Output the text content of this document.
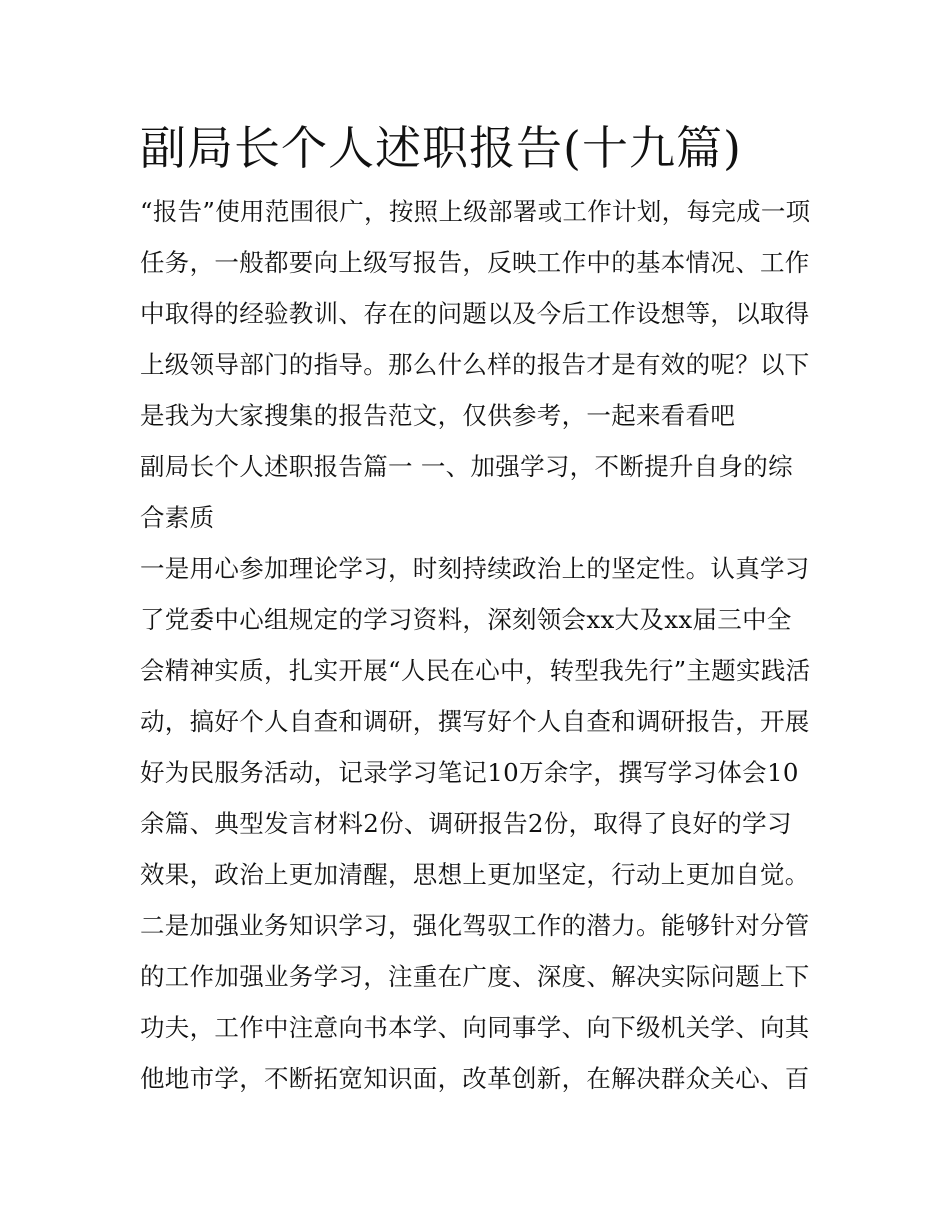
副局长个人述职报告(十九篇)
“报告”使用范围很广，按照上级部署或工作计划，每完成一项
任务，一般都要向上级写报告，反映工作中的基本情况、工作
中取得的经验教训、存在的问题以及今后工作设想等，以取得
上级领导部门的指导。那么什么样的报告才是有效的呢？以下
是我为大家搜集的报告范文，仅供参考，一起来看看吧
副局长个人述职报告篇一 一、加强学习，不断提升自身的综
合素质
一是用心参加理论学习，时刻持续政治上的坚定性。认真学习
了党委中心组规定的学习资料，深刻领会xx大及xx届三中全
会精神实质，扎实开展“人民在心中，转型我先行”主题实践活
动，搞好个人自查和调研，撰写好个人自查和调研报告，开展
好为民服务活动，记录学习笔记10万余字，撰写学习体会10
余篇、典型发言材料2份、调研报告2份，取得了良好的学习
效果，政治上更加清醒，思想上更加坚定，行动上更加自觉。
二是加强业务知识学习，强化驾驭工作的潜力。能够针对分管
的工作加强业务学习，注重在广度、深度、解决实际问题上下
功夫，工作中注意向书本学、向同事学、向下级机关学、向其
他地市学，不断拓宽知识面，改革创新，在解决群众关心、百
